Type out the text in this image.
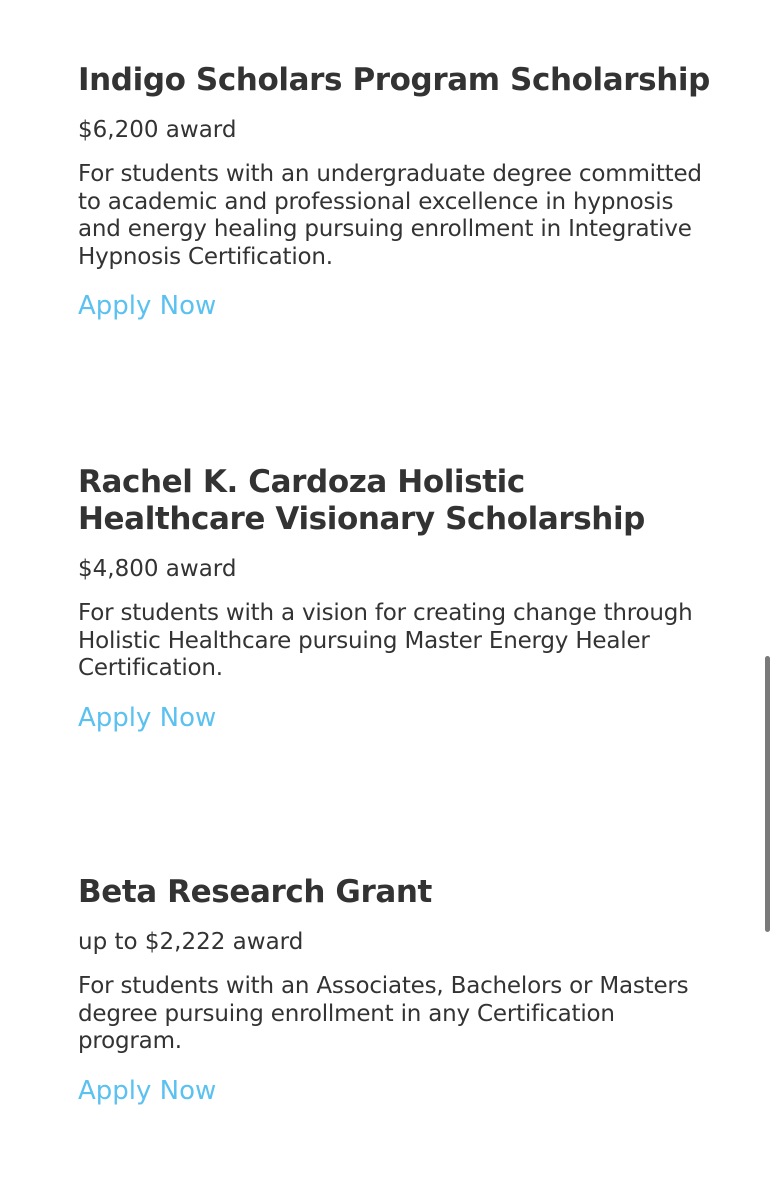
Indigo Scholars Program Scholarship
$6,200 award
For students with an undergraduate degree committed to academic and professional excellence in hypnosis and energy healing pursuing enrollment in Integrative Hypnosis Certification.
Apply Now
Rachel K. Cardoza Holistic Healthcare Visionary Scholarship
$4,800 award
For students with a vision for creating change through Holistic Healthcare pursuing Master Energy Healer Certification.
Apply Now
Beta Research Grant
up to $2,222 award
For students with an Associates, Bachelors or Masters degree pursuing enrollment in any Certification program.
Apply Now
